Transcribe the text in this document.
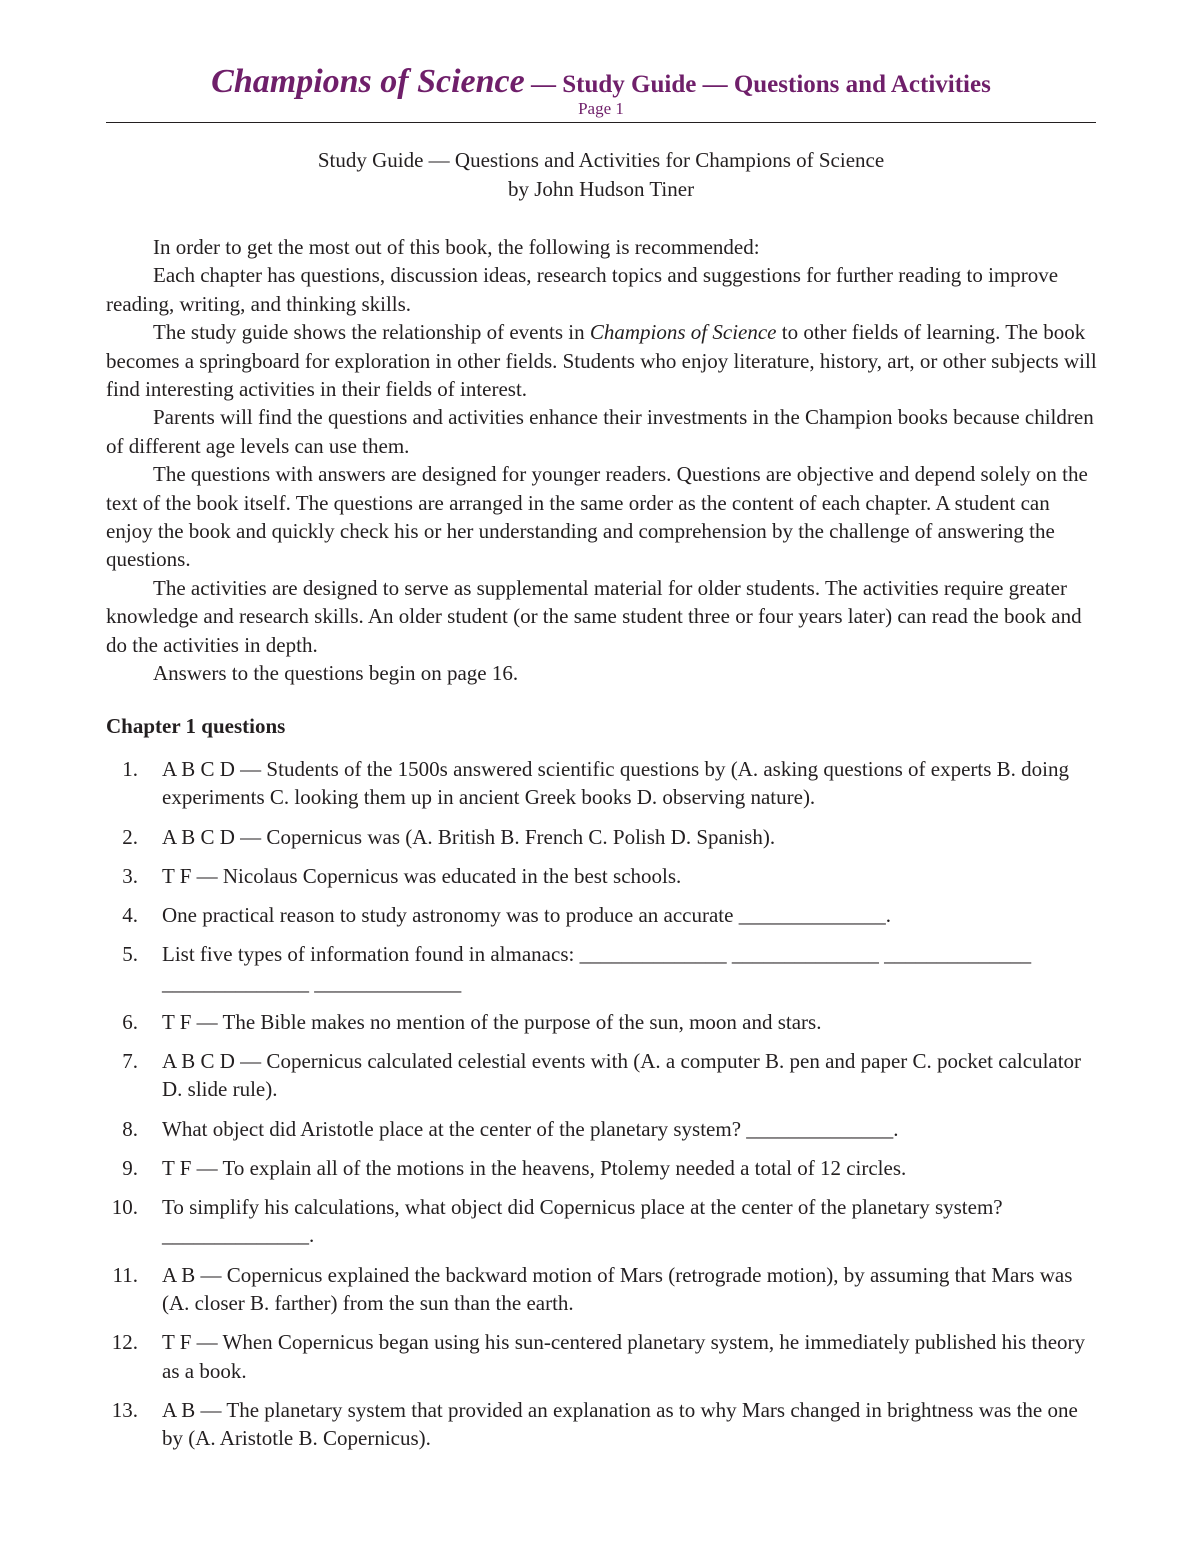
Champions of Science — Study Guide — Questions and Activities
Page 1
Study Guide — Questions and Activities for Champions of Science
by John Hudson Tiner

In order to get the most out of this book, the following is recommended:

Each chapter has questions, discussion ideas, research topics and suggestions for further reading to improve reading, writing, and thinking skills.

The study guide shows the relationship of events in Champions of Science to other fields of learning. The book becomes a springboard for exploration in other fields. Students who enjoy literature, history, art, or other subjects will find interesting activities in their fields of interest.

Parents will find the questions and activities enhance their investments in the Champion books because children of different age levels can use them.

The questions with answers are designed for younger readers. Questions are objective and depend solely on the text of the book itself. The questions are arranged in the same order as the content of each chapter. A student can enjoy the book and quickly check his or her understanding and comprehension by the challenge of answering the questions.

The activities are designed to serve as supplemental material for older students. The activities require greater knowledge and research skills. An older student (or the same student three or four years later) can read the book and do the activities in depth.

Answers to the questions begin on page 16.

Chapter 1 questions
1. A B C D — Students of the 1500s answered scientific questions by (A. asking questions of experts B. doing experiments C. looking them up in ancient Greek books D. observing nature).
2. A B C D — Copernicus was (A. British B. French C. Polish D. Spanish).
3. T F — Nicolaus Copernicus was educated in the best schools.
4. One practical reason to study astronomy was to produce an accurate ______________.
5. List five types of information found in almanacs: ______________ ______________ ______________ ______________ ______________
6. T F — The Bible makes no mention of the purpose of the sun, moon and stars.
7. A B C D — Copernicus calculated celestial events with (A. a computer B. pen and paper C. pocket calculator D. slide rule).
8. What object did Aristotle place at the center of the planetary system? ______________.
9. T F — To explain all of the motions in the heavens, Ptolemy needed a total of 12 circles.
10. To simplify his calculations, what object did Copernicus place at the center of the planetary system? ______________.
11. A B — Copernicus explained the backward motion of Mars (retrograde motion), by assuming that Mars was (A. closer B. farther) from the sun than the earth.
12. T F — When Copernicus began using his sun-centered planetary system, he immediately published his theory as a book.
13. A B — The planetary system that provided an explanation as to why Mars changed in brightness was the one by (A. Aristotle B. Copernicus).
